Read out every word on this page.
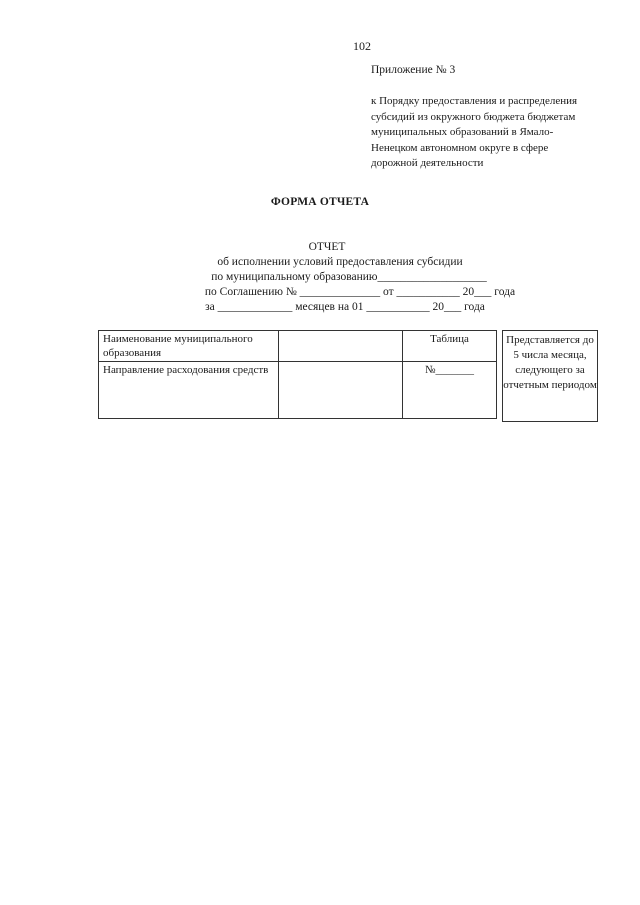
102
Приложение № 3
к Порядку предоставления и распределения
субсидий из окружного бюджета бюджетам
муниципальных образований в Ямало-
Ненецком автономном округе в сфере
дорожной деятельности
ФОРМА ОТЧЕТА
ОТЧЕТ
об исполнении условий предоставления субсидии
по муниципальному образованию___________________
по Соглашению № ______________ от ___________ 20___ года
за _____________ месяцев на 01 ___________ 20___ года
Наименование муниципального образования		Таблица
Направление расходования средств		№_______
Представляется до 5 числа месяца, следующего за отчетным периодом
